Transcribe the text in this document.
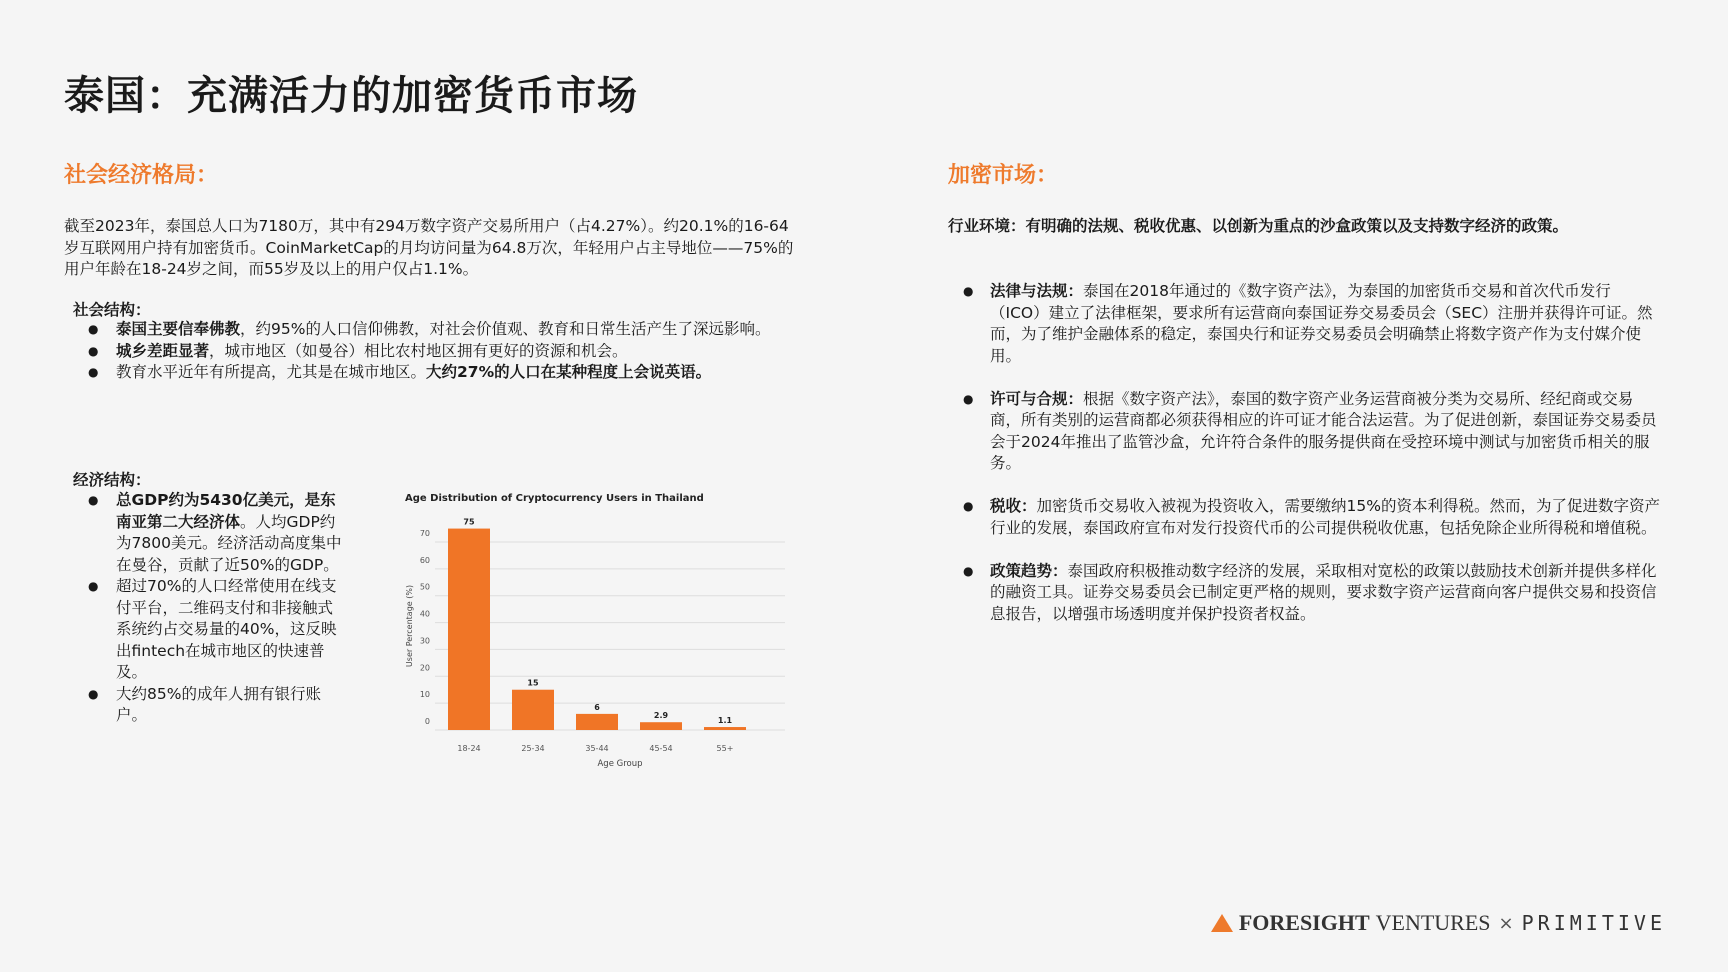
泰国：充满活力的加密货币市场
社会经济格局：

截至2023年，泰国总人口为7180万，其中有294万数字资产交易所用户（占4.27%）。约20.1%的16-64岁互联网用户持有加密货币。CoinMarketCap的月均访问量为64.8万次，年轻用户占主导地位——75%的用户年龄在18-24岁之间，而55岁及以上的用户仅占1.1%。

社会结构：

● 泰国主要信奉佛教，约95%的人口信仰佛教，对社会价值观、教育和日常生活产生了深远影响。
● 城乡差距显著，城市地区（如曼谷）相比农村地区拥有更好的资源和机会。
● 教育水平近年有所提高，尤其是在城市地区。大约27%的人口在某种程度上会说英语。

经济结构：

● 总GDP约为5430亿美元，是东南亚第二大经济体。人均GDP约为7800美元。经济活动高度集中在曼谷，贡献了近50%的GDP。
● 超过70%的人口经常使用在线支付平台，二维码支付和非接触式系统约占交易量的40%，这反映出fintech在城市地区的快速普及。
● 大约85%的成年人拥有银行账户。
Age Distribution of Cryptocurrency Users in Thailand
0
10
20
30
40
50
60
70
75
15
6
2.9
1.1
18-24	25-34	35-44	45-54	55+
Age Group
User Percentage (%)
加密市场：

行业环境：有明确的法规、税收优惠、以创新为重点的沙盒政策以及支持数字经济的政策。

● 法律与法规：泰国在2018年通过的《数字资产法》，为泰国的加密货币交易和首次代币发行（ICO）建立了法律框架，要求所有运营商向泰国证券交易委员会（SEC）注册并获得许可证。然而，为了维护金融体系的稳定，泰国央行和证券交易委员会明确禁止将数字资产作为支付媒介使用。
● 许可与合规：根据《数字资产法》，泰国的数字资产业务运营商被分类为交易所、经纪商或交易商，所有类别的运营商都必须获得相应的许可证才能合法运营。为了促进创新，泰国证券交易委员会于2024年推出了监管沙盒，允许符合条件的服务提供商在受控环境中测试与加密货币相关的服务。
● 税收：加密货币交易收入被视为投资收入，需要缴纳15%的资本利得税。然而，为了促进数字资产行业的发展，泰国政府宣布对发行投资代币的公司提供税收优惠，包括免除企业所得税和增值税。
● 政策趋势：泰国政府积极推动数字经济的发展，采取相对宽松的政策以鼓励技术创新并提供多样化的融资工具。证券交易委员会已制定更严格的规则，要求数字资产运营商向客户提供交易和投资信息报告，以增强市场透明度并保护投资者权益。
FORESIGHT VENTURES × PRIMITIVE
